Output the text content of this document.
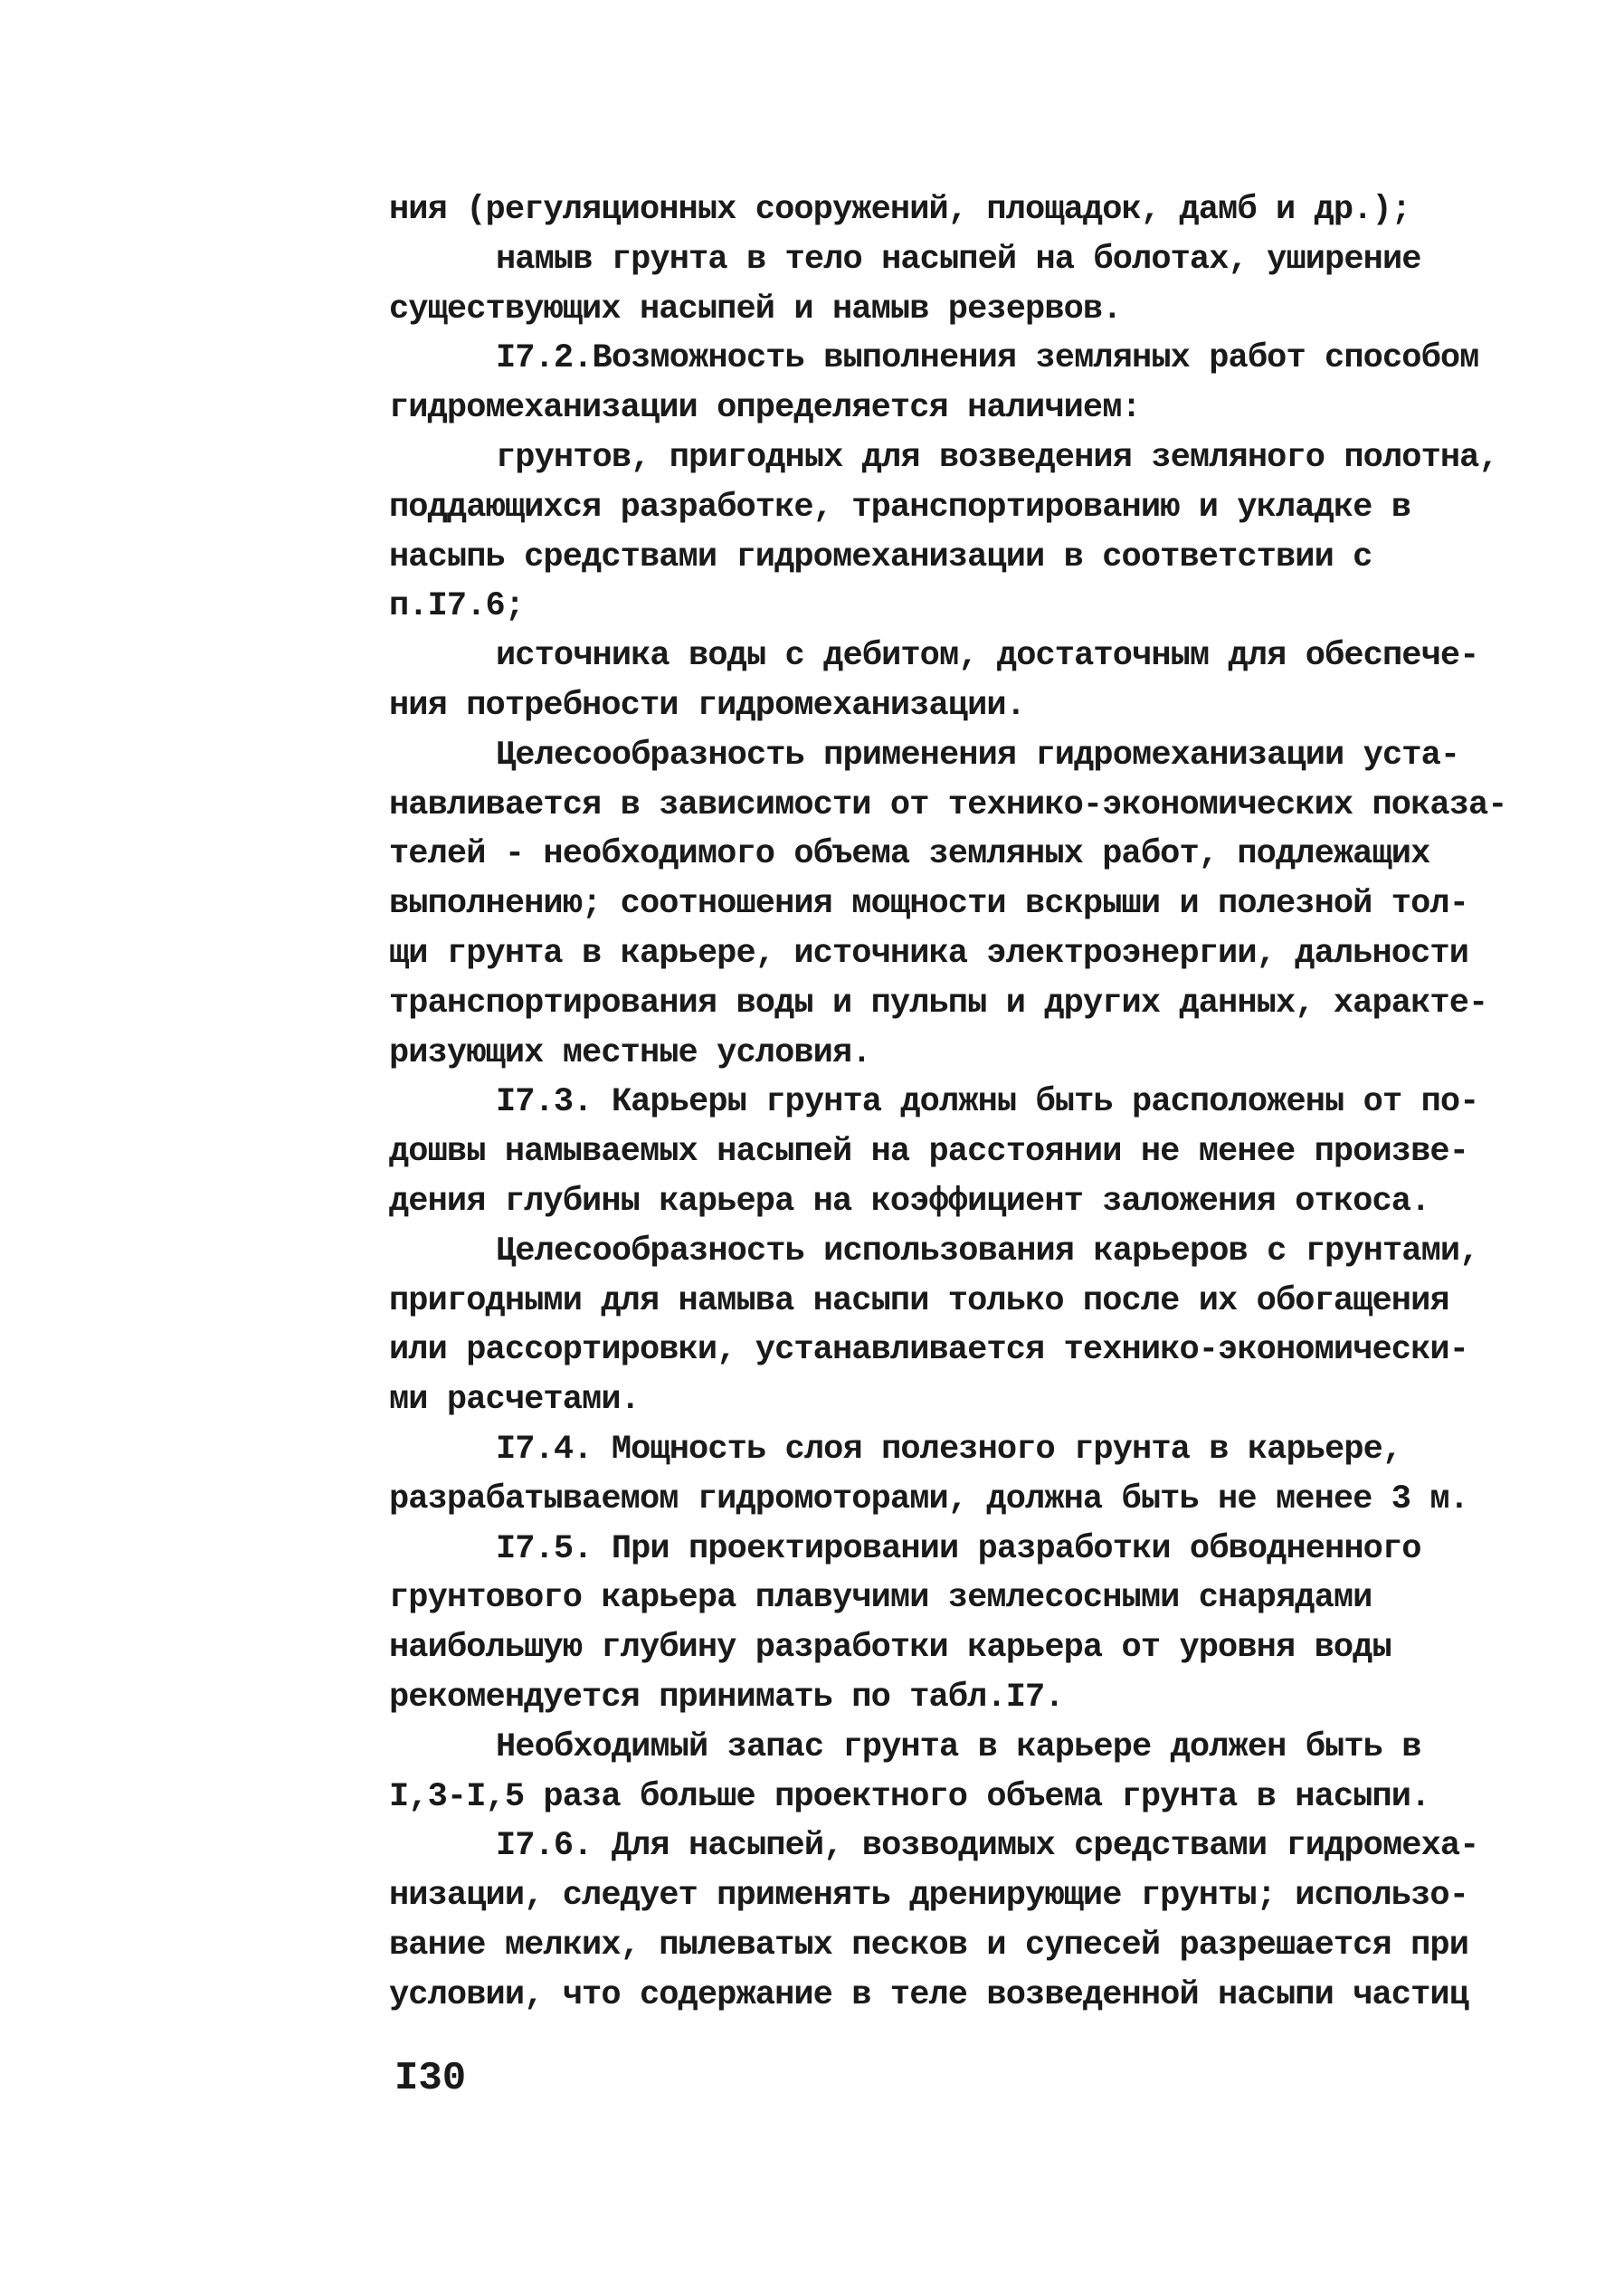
ния (регуляционных сооружений, площадок, дамб и др.);
намыв грунта в тело насыпей на болотах, уширение
существующих насыпей и намыв резервов.
I7.2.Возможность выполнения земляных работ способом
гидромеханизации определяется наличием:
грунтов, пригодных для возведения земляного полотна,
поддающихся разработке, транспортированию и укладке в
насыпь средствами гидромеханизации в соответствии с
п.I7.6;
источника воды с дебитом, достаточным для обеспече-
ния потребности гидромеханизации.
Целесообразность применения гидромеханизации уста-
навливается в зависимости от технико-экономических показа-
телей - необходимого объема земляных работ, подлежащих
выполнению; соотношения мощности вскрыши и полезной тол-
щи грунта в карьере, источника электроэнергии, дальности
транспортирования воды и пульпы и других данных, характе-
ризующих местные условия.
I7.3. Карьеры грунта должны быть расположены от по-
дошвы намываемых насыпей на расстоянии не менее произве-
дения глубины карьера на коэффициент заложения откоса.
Целесообразность использования карьеров с грунтами,
пригодными для намыва насыпи только после их обогащения
или рассортировки, устанавливается технико-экономически-
ми расчетами.
I7.4. Мощность слоя полезного грунта в карьере,
разрабатываемом гидромоторами, должна быть не менее 3 м.
I7.5. При проектировании разработки обводненного
грунтового карьера плавучими землесосными снарядами
наибольшую глубину разработки карьера от уровня воды
рекомендуется принимать по табл.I7.
Необходимый запас грунта в карьере должен быть в
I,3-I,5 раза больше проектного объема грунта в насыпи.
I7.6. Для насыпей, возводимых средствами гидромеха-
низации, следует применять дренирующие грунты; использо-
вание мелких, пылеватых песков и супесей разрешается при
условии, что содержание в теле возведенной насыпи частиц
I30
